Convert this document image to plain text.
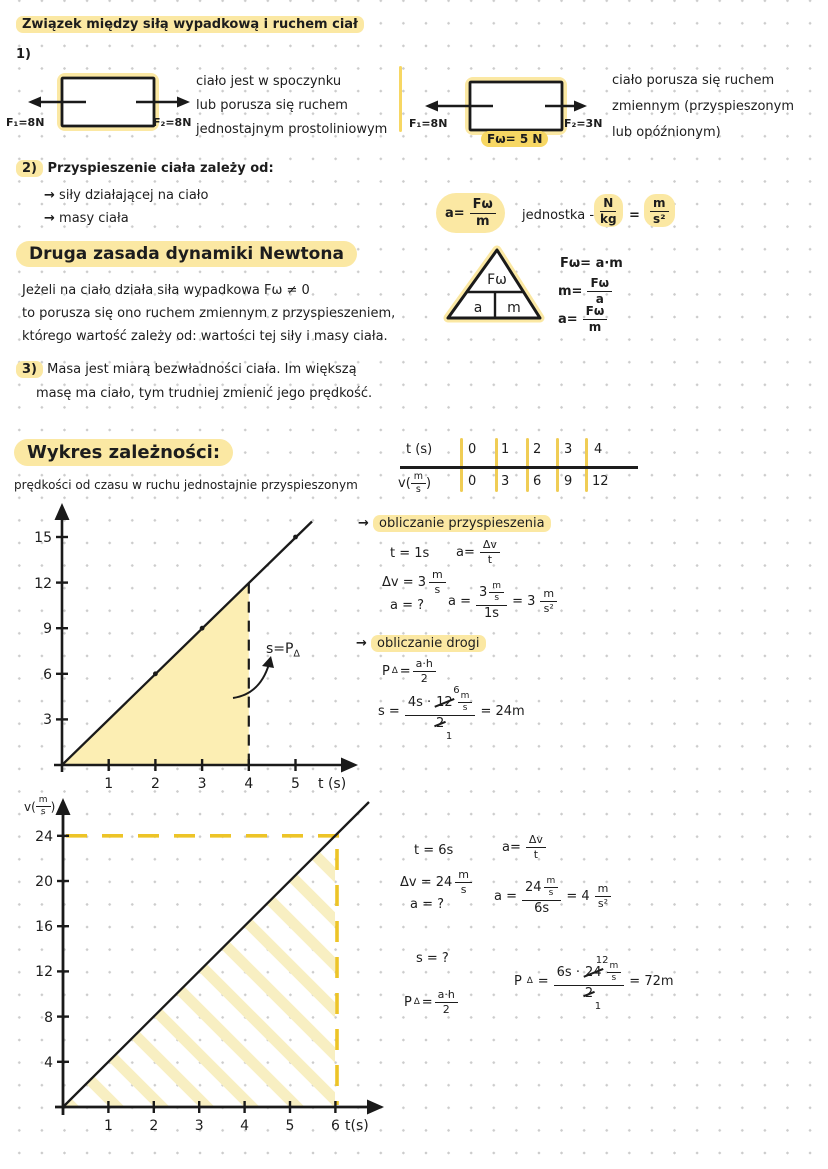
Związek między siłą wypadkową i ruchem ciał
1)
F₁=8N	F₂=8N
ciało jest w spoczynku
lub porusza się ruchem
jednostajnym prostoliniowym F₁=8N	F₂=3N
Fω= 5 N
ciało porusza się ruchem
zmiennym (przyspieszonym
lub opóźnionym)
2) Przyspieszenie ciała zależy od:
→ siły działającej na ciało
→ masy ciała	$a= \frac{F\omega}{m}$ jednostka - $\frac{N}{kg} = \frac{m}{\text{s²}}$
Druga zasada dynamiki Newtona
Jeżeli na ciało działa siła wypadkowa Fω ≠ 0
to porusza się ono ruchem zmiennym z przyspieszeniem,
którego wartość zależy od: wartości tej siły i masy ciała.
Fω
a m
Fω= a·m
$m= \frac{F\omega}{a}$
$a= \frac{F\omega}{m}$
3) Masa jest miarą bezwładności ciała. Im większą
masę ma ciało, tym trudniej zmienić jego prędkość.
Wykres zależności:
prędkości od czasu w ruchu jednostajnie przyspieszonym
t (s)	0 1 2 3 4
$v( \frac{m}{s}$ )	0 3 6 9 12
3
6
9
12
15
1	2	3	4	5 t (s)
$s=P_\Delta$
→ obliczanie przyspieszenia
t = 1s $a= \frac{\Delta v}{t}$
$\Delta v = 3 \frac{m}{s}$
a = ? $a = \frac{3 \frac{m}{s}}{1s} = 3 \frac{m}{\text{s²}}$
→ obliczanie drogi
P ∆ = $\frac{a\cdot h}{2}$
s = 4s · 12
6
$\frac{m}{s}$
2
1 = 24m
4
8
12
16
20
24
1	2	3	4	5	6 t(s)
$v( \frac{m}{s}$ )
t = 6s	$a= \frac{\Delta v}{t}$
$\Delta v = 24 \frac{m}{s}$
a = ?
$a = \frac{24 \frac{m}{s}}{6s} = 4 \frac{m}{\text{s²}}$
s = ?
P ∆ = $\frac{a\cdot h}{2}$
P ∆ = 6s · 24
12
$\frac{m}{s}$
2
1 = 72m
